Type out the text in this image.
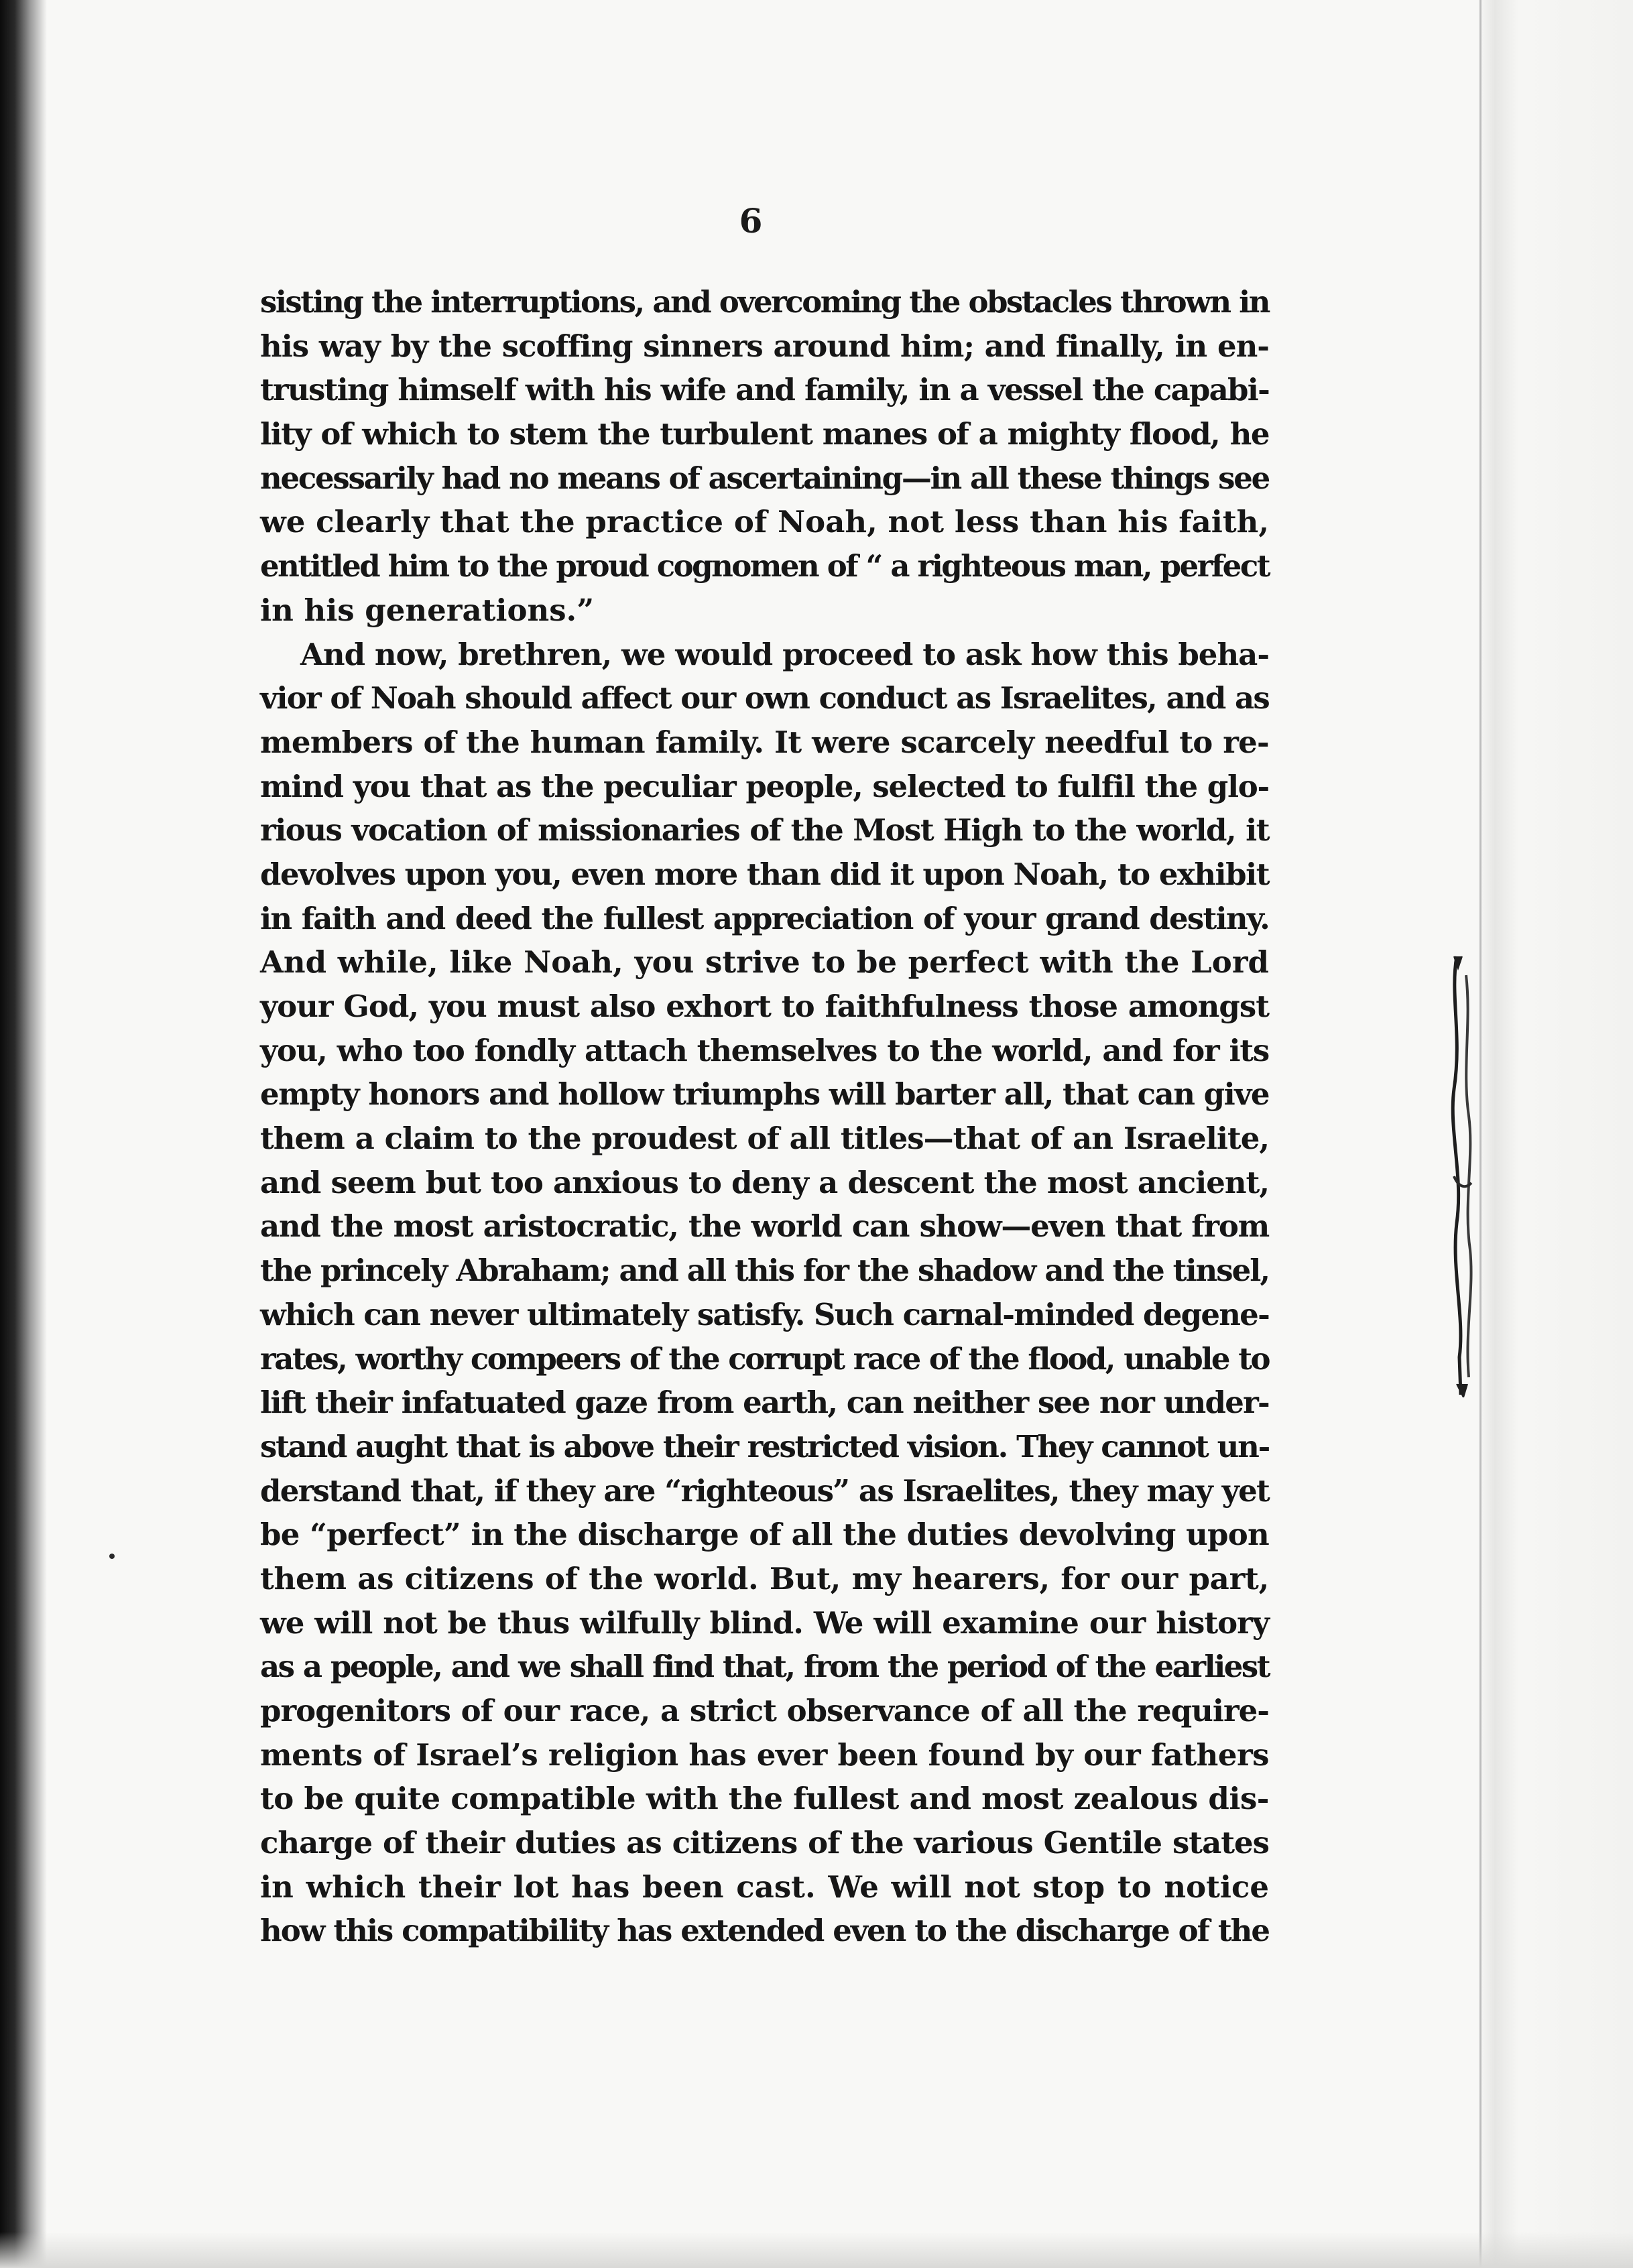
6
sisting the interruptions, and overcoming the obstacles thrown in
his way by the scoffing sinners around him; and finally, in en-
trusting himself with his wife and family, in a vessel the capabi-
lity of which to stem the turbulent manes of a mighty flood, he
necessarily had no means of ascertaining—in all these things see
we clearly that the practice of Noah, not less than his faith,
entitled him to the proud cognomen of “ a righteous man, perfect
in his generations.”
And now, brethren, we would proceed to ask how this beha-
vior of Noah should affect our own conduct as Israelites, and as
members of the human family. It were scarcely needful to re-
mind you that as the peculiar people, selected to fulfil the glo-
rious vocation of missionaries of the Most High to the world, it
devolves upon you, even more than did it upon Noah, to exhibit
in faith and deed the fullest appreciation of your grand destiny.
And while, like Noah, you strive to be perfect with the Lord
your God, you must also exhort to faithfulness those amongst
you, who too fondly attach themselves to the world, and for its
empty honors and hollow triumphs will barter all, that can give
them a claim to the proudest of all titles—that of an Israelite,
and seem but too anxious to deny a descent the most ancient,
and the most aristocratic, the world can show—even that from
the princely Abraham; and all this for the shadow and the tinsel,
which can never ultimately satisfy. Such carnal-minded degene-
rates, worthy compeers of the corrupt race of the flood, unable to
lift their infatuated gaze from earth, can neither see nor under-
stand aught that is above their restricted vision. They cannot un-
derstand that, if they are “righteous” as Israelites, they may yet
be “perfect” in the discharge of all the duties devolving upon
them as citizens of the world. But, my hearers, for our part,
we will not be thus wilfully blind. We will examine our history
as a people, and we shall find that, from the period of the earliest
progenitors of our race, a strict observance of all the require-
ments of Israel’s religion has ever been found by our fathers
to be quite compatible with the fullest and most zealous dis-
charge of their duties as citizens of the various Gentile states
in which their lot has been cast. We will not stop to notice
how this compatibility has extended even to the discharge of the
